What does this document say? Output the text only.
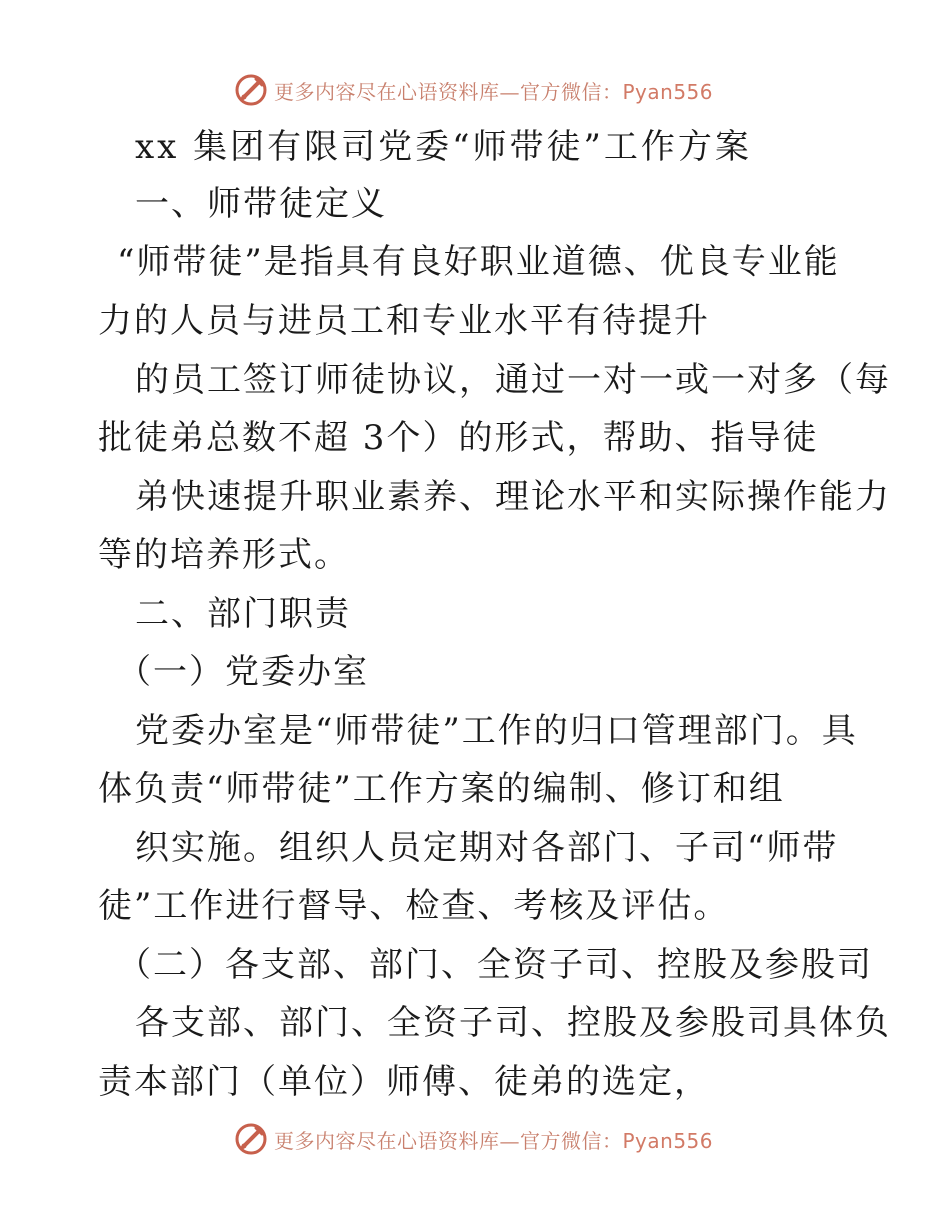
更多内容尽在心语资料库—官方微信：Pyan556
xx 集团有限司党委“师带徒”工作方案
一、师带徒定义
“师带徒”是指具有良好职业道德、优良专业能
力的人员与进员工和专业水平有待提升
的员工签订师徒协议，通过一对一或一对多（每
批徒弟总数不超 3个）的形式，帮助、指导徒
弟快速提升职业素养、理论水平和实际操作能力
等的培养形式。
二、部门职责
（一）党委办室
党委办室是“师带徒”工作的归口管理部门。具
体负责“师带徒”工作方案的编制、修订和组
织实施。组织人员定期对各部门、子司“师带
徒”工作进行督导、检查、考核及评估。
（二）各支部、部门、全资子司、控股及参股司
各支部、部门、全资子司、控股及参股司具体负
责本部门（单位）师傅、徒弟的选定，
更多内容尽在心语资料库—官方微信：Pyan556
